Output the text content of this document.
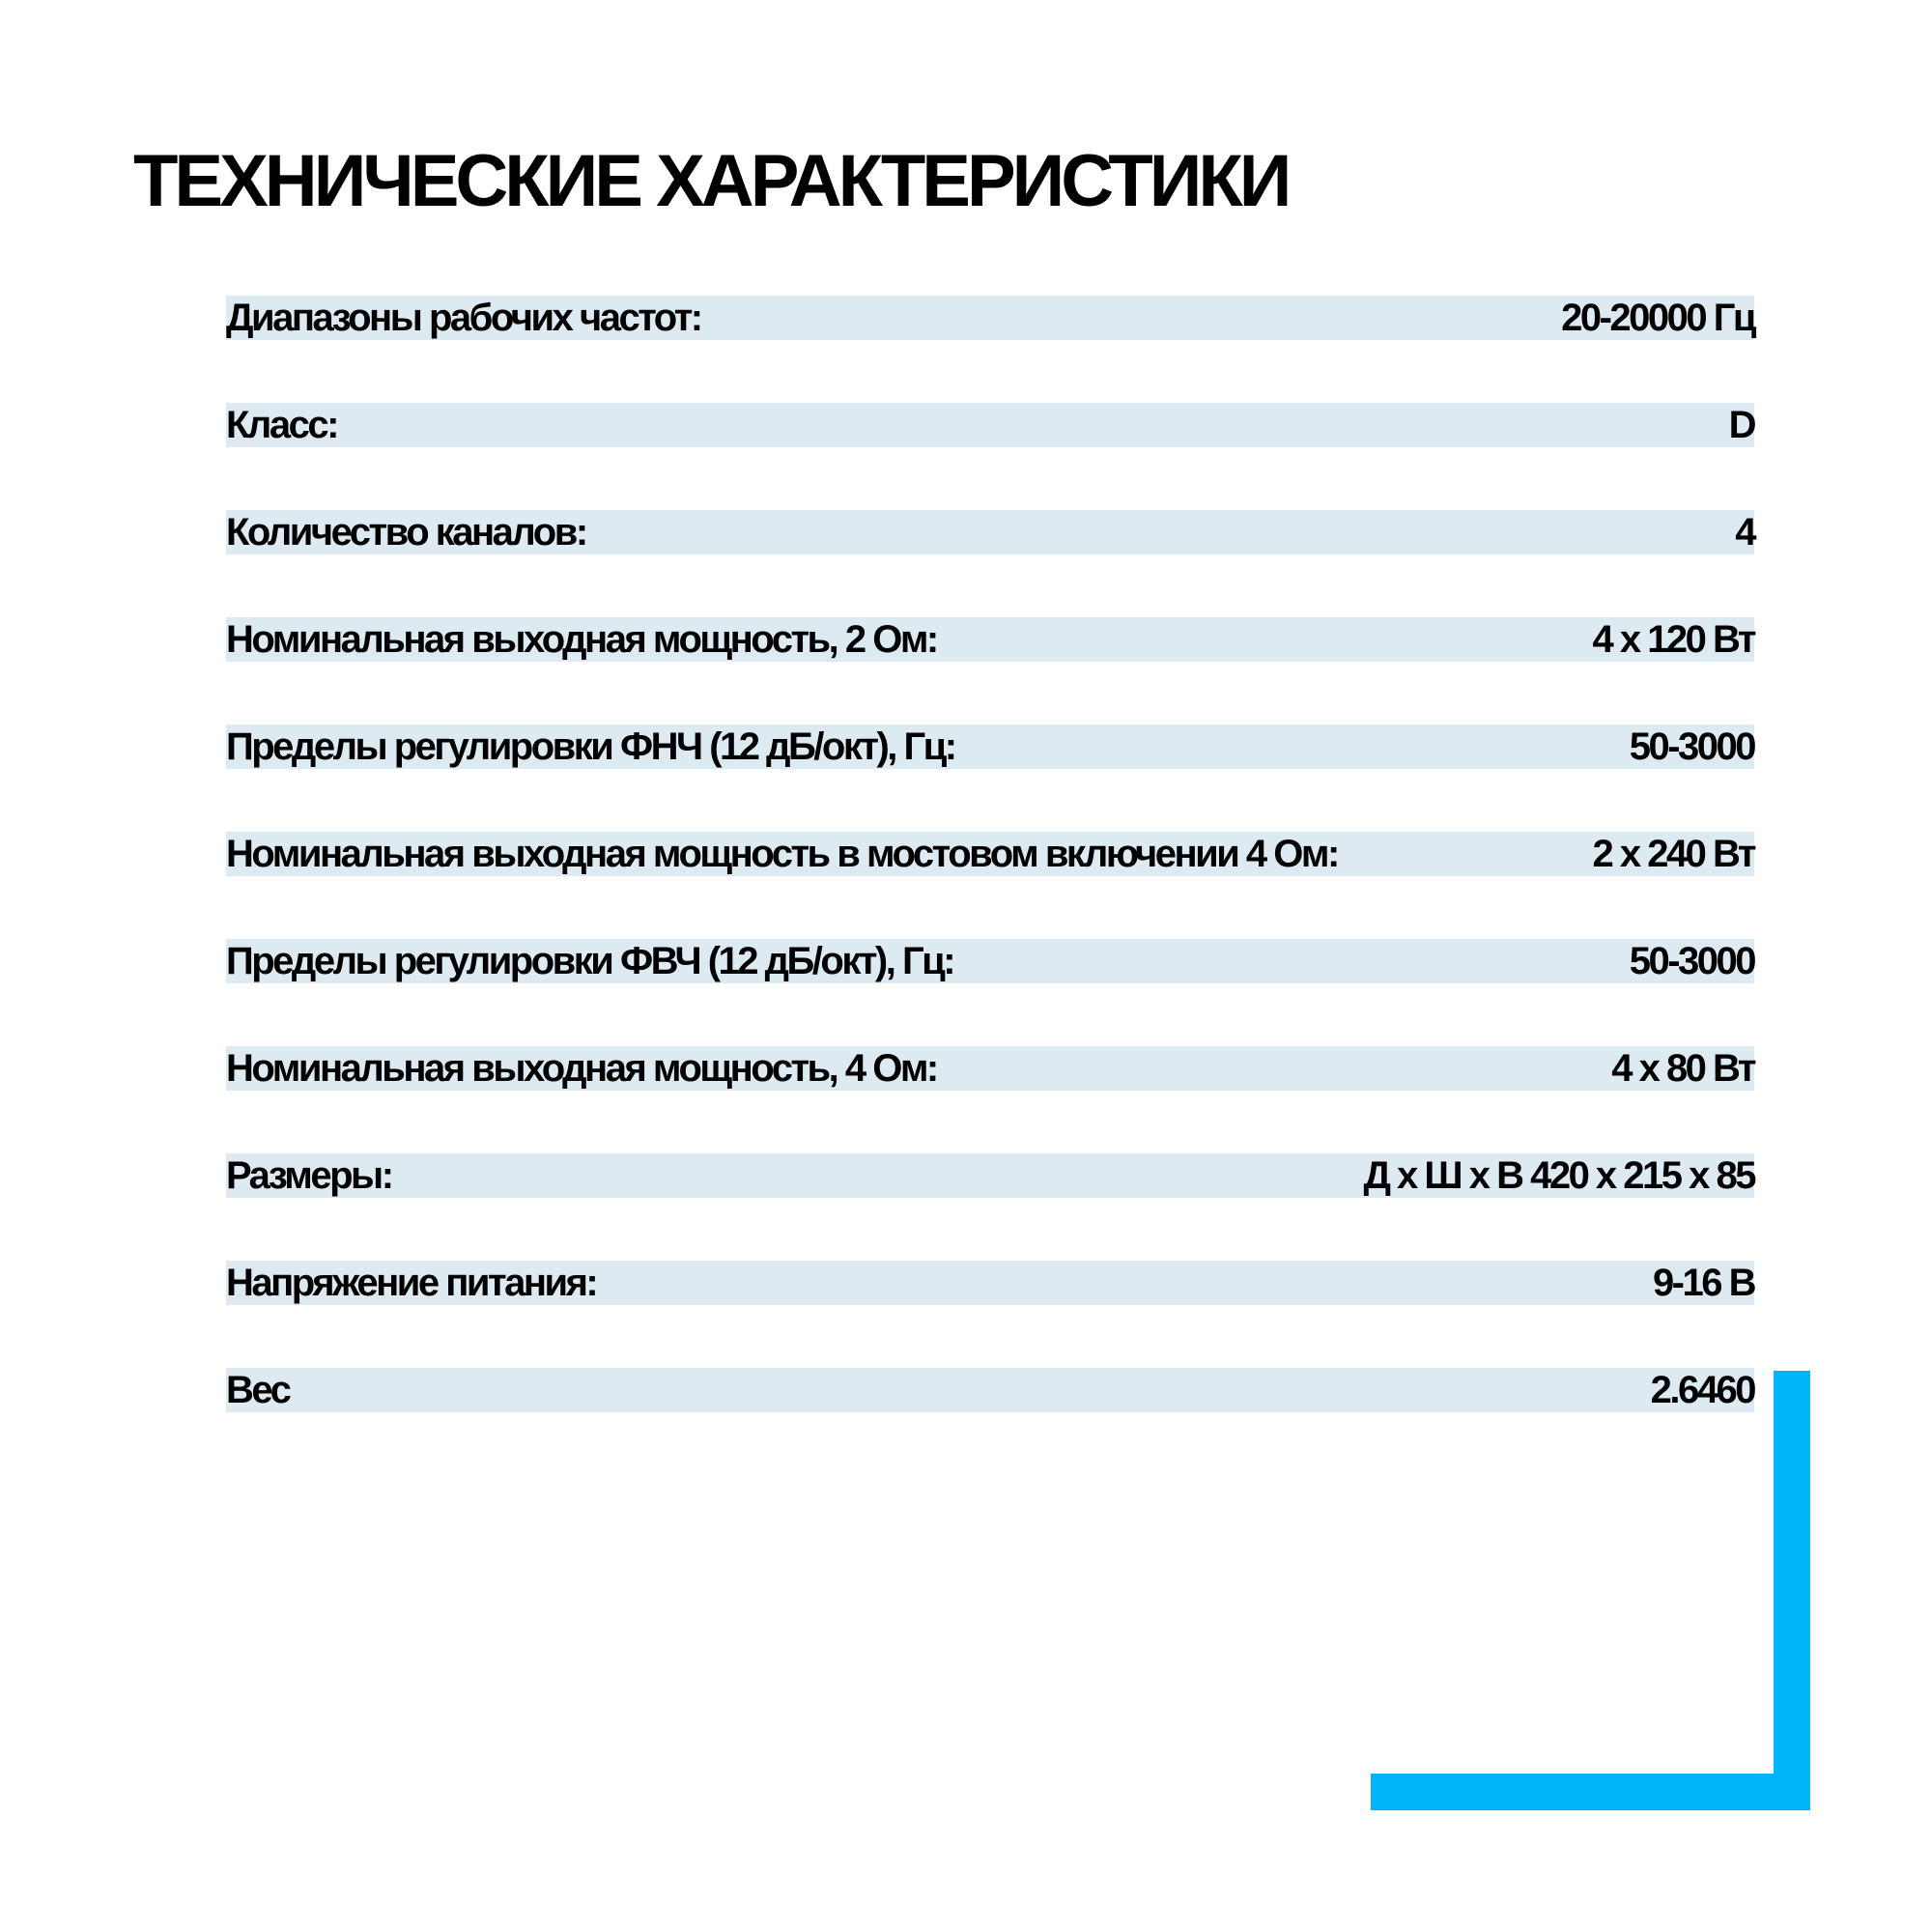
ТЕХНИЧЕСКИЕ ХАРАКТЕРИСТИКИ
Диапазоны рабочих частот:	20-20000 Гц
Класс:	D
Количество каналов:	4
Номинальная выходная мощность, 2 Ом:	4 x 120 Вт
Пределы регулировки ФНЧ (12 дБ/окт), Гц:	50-3000
Номинальная выходная мощность в мостовом включении 4 Ом:	2 x 240 Вт
Пределы регулировки ФВЧ (12 дБ/окт), Гц:	50-3000
Номинальная выходная мощность, 4 Ом:	4 x 80 Вт
Размеры:	Д x Ш x В 420 x 215 x 85
Напряжение питания:	9-16 В
Вес	2.6460
